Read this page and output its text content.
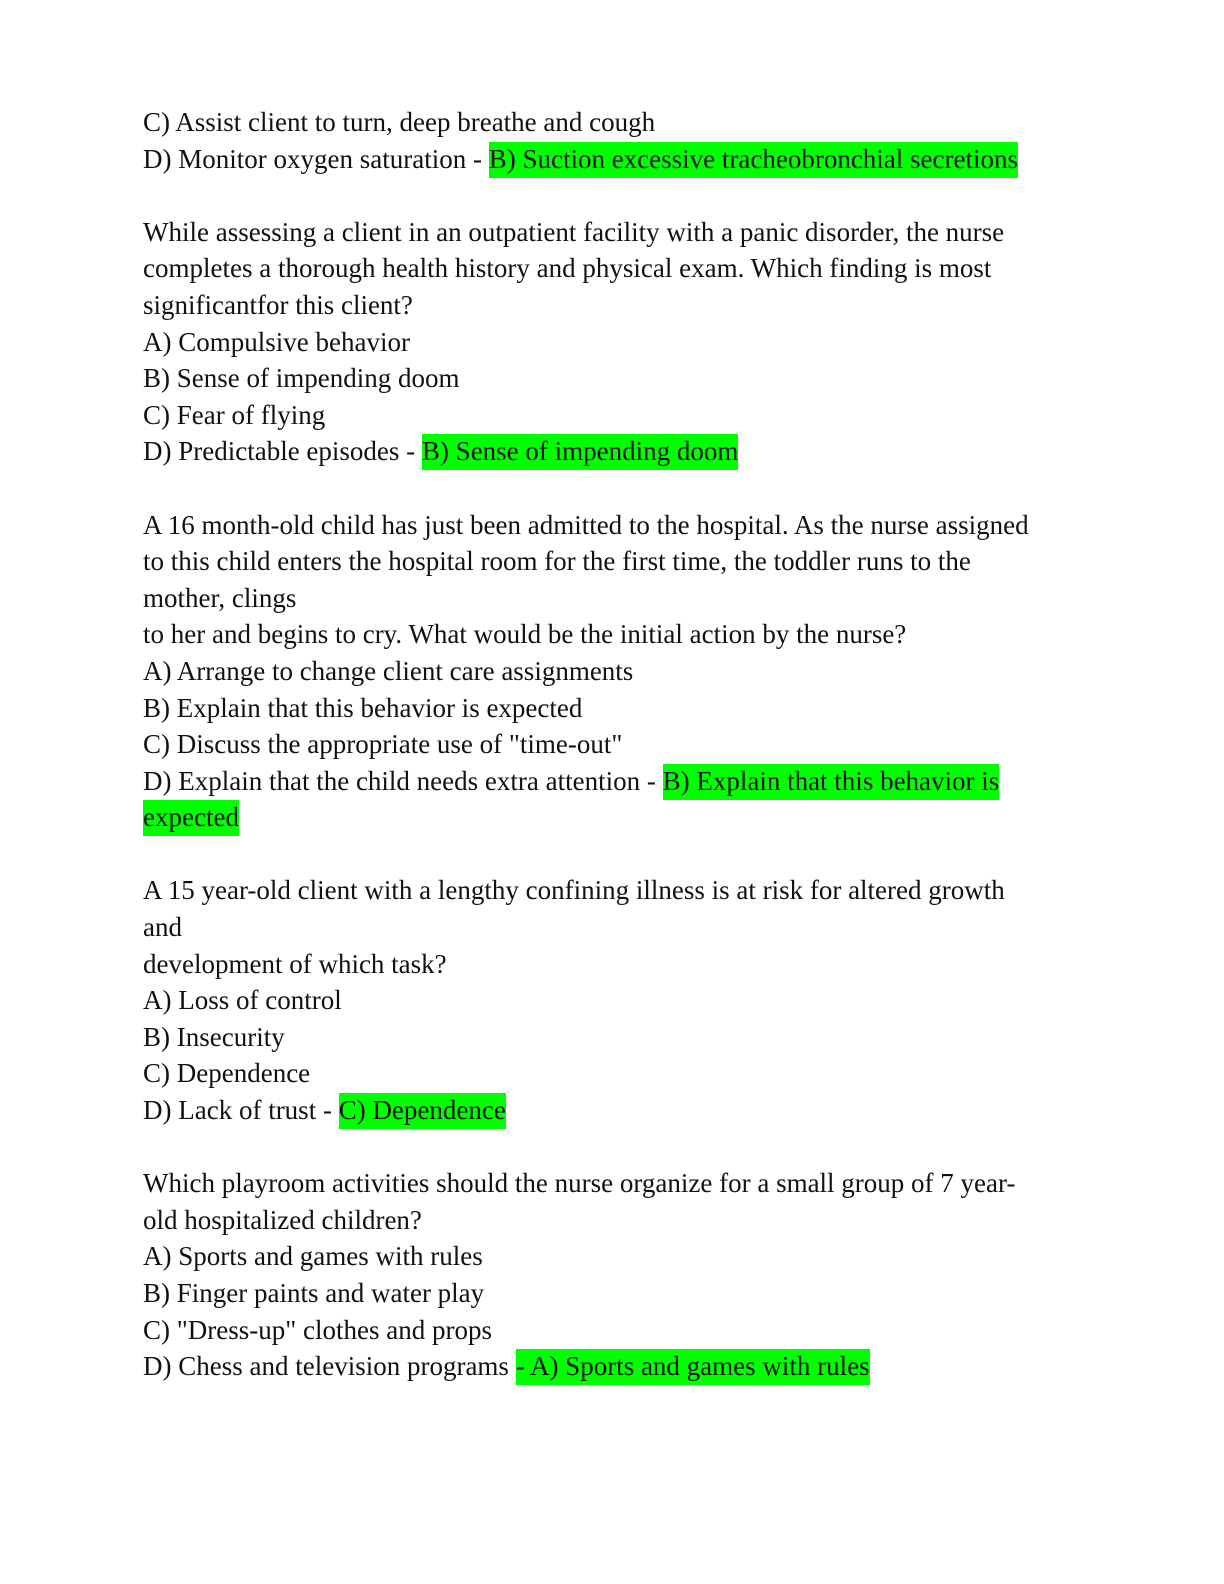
C) Assist client to turn, deep breathe and cough

D) Monitor oxygen saturation - B) Suction excessive tracheobronchial secretions

While assessing a client in an outpatient facility with a panic disorder, the nurse

completes a thorough health history and physical exam. Which finding is most

significantfor this client?

A) Compulsive behavior

B) Sense of impending doom

C) Fear of flying

D) Predictable episodes - B) Sense of impending doom

A 16 month-old child has just been admitted to the hospital. As the nurse assigned

to this child enters the hospital room for the first time, the toddler runs to the

mother, clings

to her and begins to cry. What would be the initial action by the nurse?

A) Arrange to change client care assignments

B) Explain that this behavior is expected

C) Discuss the appropriate use of "time-out"

D) Explain that the child needs extra attention - B) Explain that this behavior is

expected

A 15 year-old client with a lengthy confining illness is at risk for altered growth

and

development of which task?

A) Loss of control

B) Insecurity

C) Dependence

D) Lack of trust - C) Dependence

Which playroom activities should the nurse organize for a small group of 7 year-

old hospitalized children?

A) Sports and games with rules

B) Finger paints and water play

C) "Dress-up" clothes and props

D) Chess and television programs - A) Sports and games with rules
